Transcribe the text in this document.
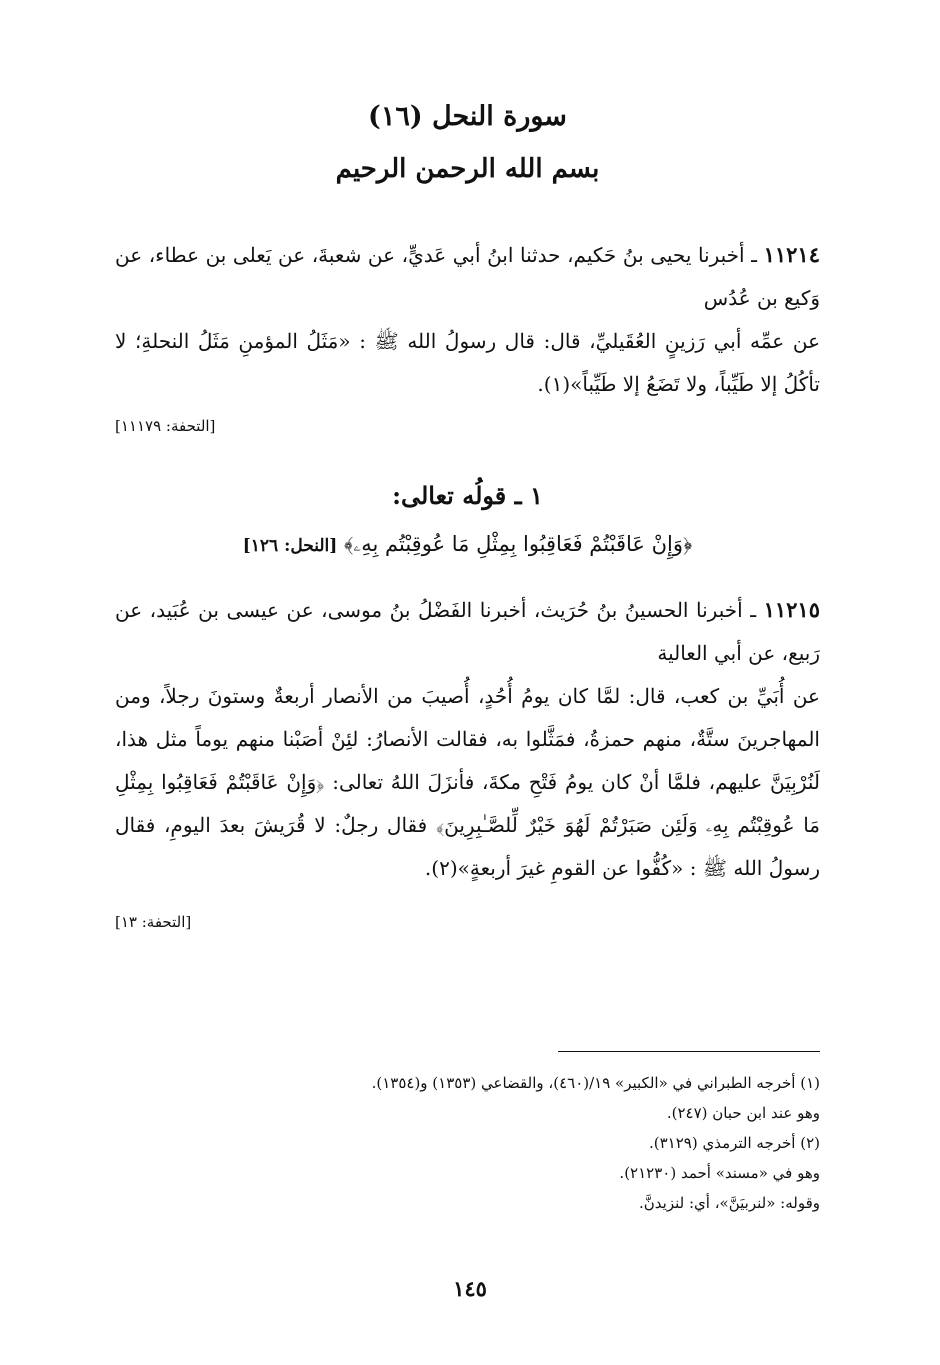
سورة النحل (١٦)
بسم الله الرحمن الرحيم

١١٢١٤ ـ أخبرنا يحيى بنُ حَكيم، حدثنا ابنُ أبي عَديٍّ، عن شعبةَ، عن يَعلى بن عطاء، عن وَكيع بن عُدُس

عن عمِّه أبي رَزينٍ العُقَيليِّ، قال: قال رسولُ الله ﷺ : «مَثَلُ المؤمنِ مَثَلُ النحلةِ؛ لا تأكُلُ إلا طَيِّباً، ولا تَضَعُ إلا طَيِّباً»(١).

[التحفة: ١١١٧٩]
١ ـ قولُه تعالى:
﴿وَإِنْ عَاقَبْتُمْ فَعَاقِبُوا بِمِثْلِ مَا عُوقِبْتُم بِهِۦ﴾ [النحل: ١٢٦]

١١٢١٥ ـ أخبرنا الحسينُ بنُ حُرَيث، أخبرنا الفَضْلُ بنُ موسى، عن عيسى بن عُبَيد، عن رَبيع، عن أبي العالية

عن أُبَيِّ بن كعب، قال: لمَّا كان يومُ أُحُدٍ، أُصيبَ من الأنصار أربعةٌ وستونَ رجلاً، ومن المهاجرينَ ستَّةٌ، منهم حمزةُ، فمَثَّلوا به، فقالت الأنصارُ: لئِنْ أصَبْنا منهم يوماً مثل هذا، لَنُرْبِيَنَّ عليهم، فلمَّا أنْ كان يومُ فَتْحِ مكةَ، فأنزَلَ اللهُ تعالى: ﴿وَإِنْ عَاقَبْتُمْ فَعَاقِبُوا بِمِثْلِ مَا عُوقِبْتُم بِهِۦ وَلَئِن صَبَرْتُمْ لَهُوَ خَيْرٌ لِّلصَّـٰبِرِينَ﴾ فقال رجلٌ: لا قُرَيشَ بعدَ اليومِ، فقال رسولُ الله ﷺ : «كُفُّوا عن القومِ غيرَ أربعةٍ»(٢).

[التحفة: ١٣]
(١) أخرجه الطبراني في «الكبير» ١٩/(٤٦٠)، والقضاعي (١٣٥٣) و(١٣٥٤).
وهو عند ابن حبان (٢٤٧).
(٢) أخرجه الترمذي (٣١٢٩).
وهو في «مسند» أحمد (٢١٢٣٠).
وقوله: «لنربيَنَّ»، أي: لنزيدنَّ.
١٤٥
